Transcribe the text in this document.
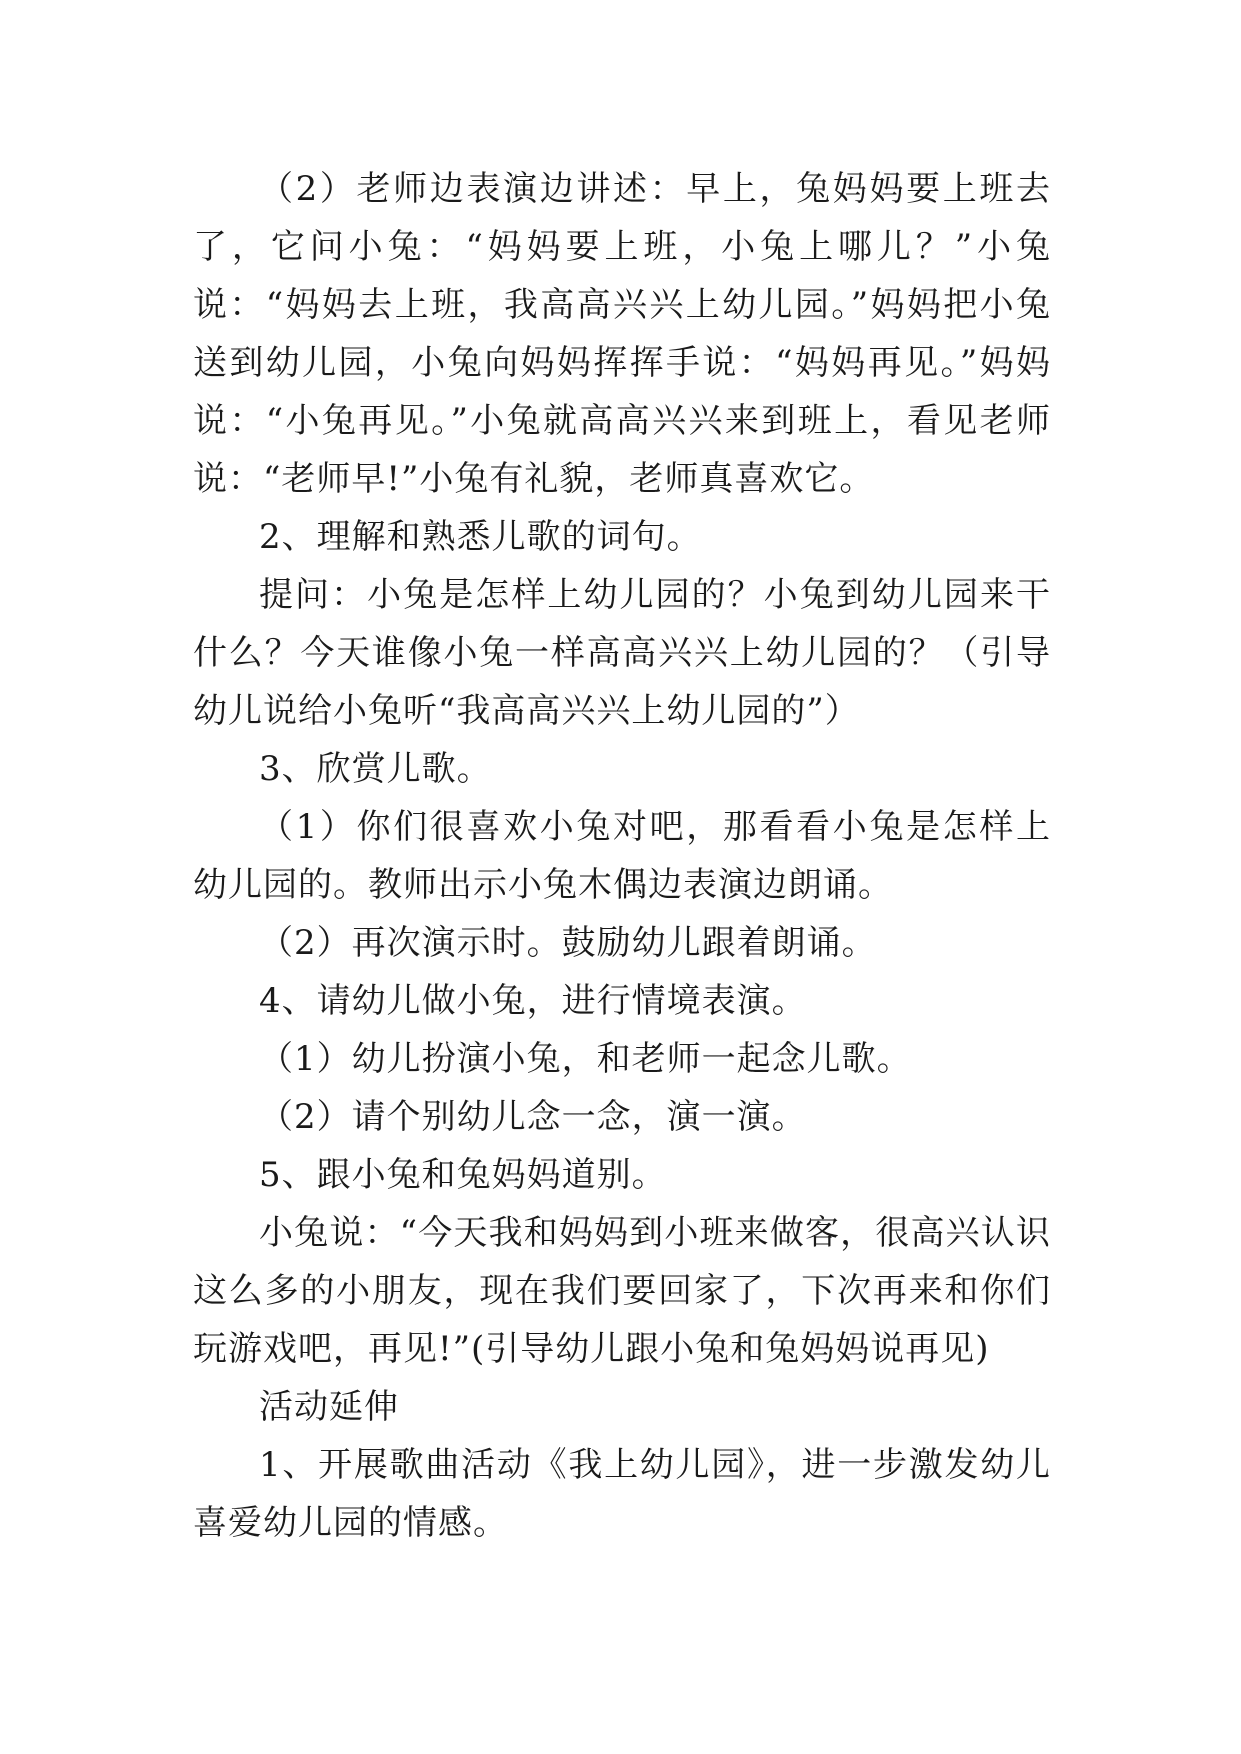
（2）老师边表演边讲述：早上，兔妈妈要上班去了，它问小兔：“妈妈要上班，小兔上哪儿？”小兔说：“妈妈去上班，我高高兴兴上幼儿园。”妈妈把小兔送到幼儿园，小兔向妈妈挥挥手说：“妈妈再见。”妈妈说：“小兔再见。”小兔就高高兴兴来到班上，看见老师说：“老师早!”小兔有礼貌，老师真喜欢它。

2、理解和熟悉儿歌的词句。

提问：小兔是怎样上幼儿园的？小兔到幼儿园来干什么？今天谁像小兔一样高高兴兴上幼儿园的？（引导幼儿说给小兔听“我高高兴兴上幼儿园的”）

3、欣赏儿歌。

（1）你们很喜欢小兔对吧，那看看小兔是怎样上幼儿园的。教师出示小兔木偶边表演边朗诵。

（2）再次演示时。鼓励幼儿跟着朗诵。

4、请幼儿做小兔，进行情境表演。

（1）幼儿扮演小兔，和老师一起念儿歌。

（2）请个别幼儿念一念，演一演。

5、跟小兔和兔妈妈道别。

小兔说：“今天我和妈妈到小班来做客，很高兴认识这么多的小朋友，现在我们要回家了，下次再来和你们玩游戏吧，再见!”(引导幼儿跟小兔和兔妈妈说再见)

活动延伸

1、开展歌曲活动《我上幼儿园》，进一步激发幼儿喜爱幼儿园的情感。
